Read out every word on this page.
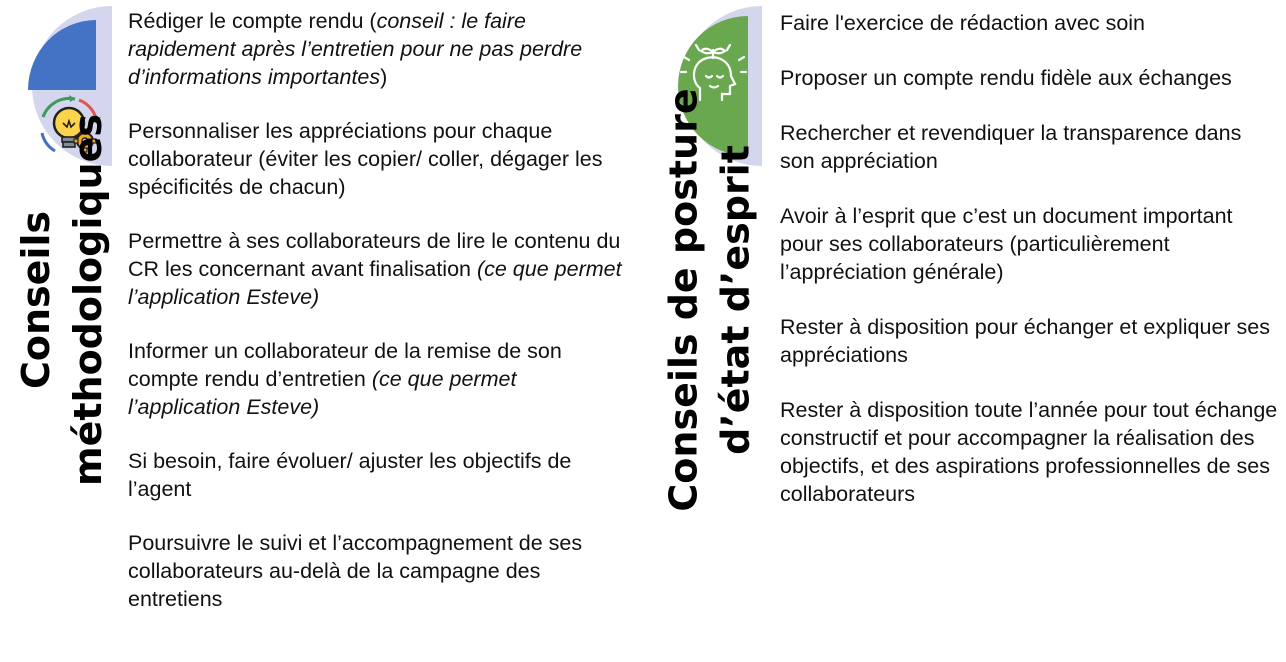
Conseils méthodologiques
Rédiger le compte rendu (conseil : le faire rapidement après l’entretien pour ne pas perdre d’informations importantes)
Personnaliser les appréciations pour chaque collaborateur (éviter les copier/ coller, dégager les spécificités de chacun)
Permettre à ses collaborateurs de lire le contenu du CR les concernant avant finalisation (ce que permet l’application Esteve)
Informer un collaborateur de la remise de son compte rendu d’entretien (ce que permet l’application Esteve)
Si besoin, faire évoluer/ ajuster les objectifs de l’agent
Poursuivre le suivi et l’accompagnement de ses collaborateurs au-delà de la campagne des entretiens
Conseils de posture d’état d’esprit
Faire l'exercice de rédaction avec soin
Proposer un compte rendu fidèle aux échanges
Rechercher et revendiquer la transparence dans son appréciation
Avoir à l’esprit que c’est un document important pour ses collaborateurs (particulièrement l’appréciation générale)
Rester à disposition pour échanger et expliquer ses appréciations
Rester à disposition toute l’année pour tout échange constructif et pour accompagner la réalisation des objectifs, et des aspirations professionnelles de ses collaborateurs
